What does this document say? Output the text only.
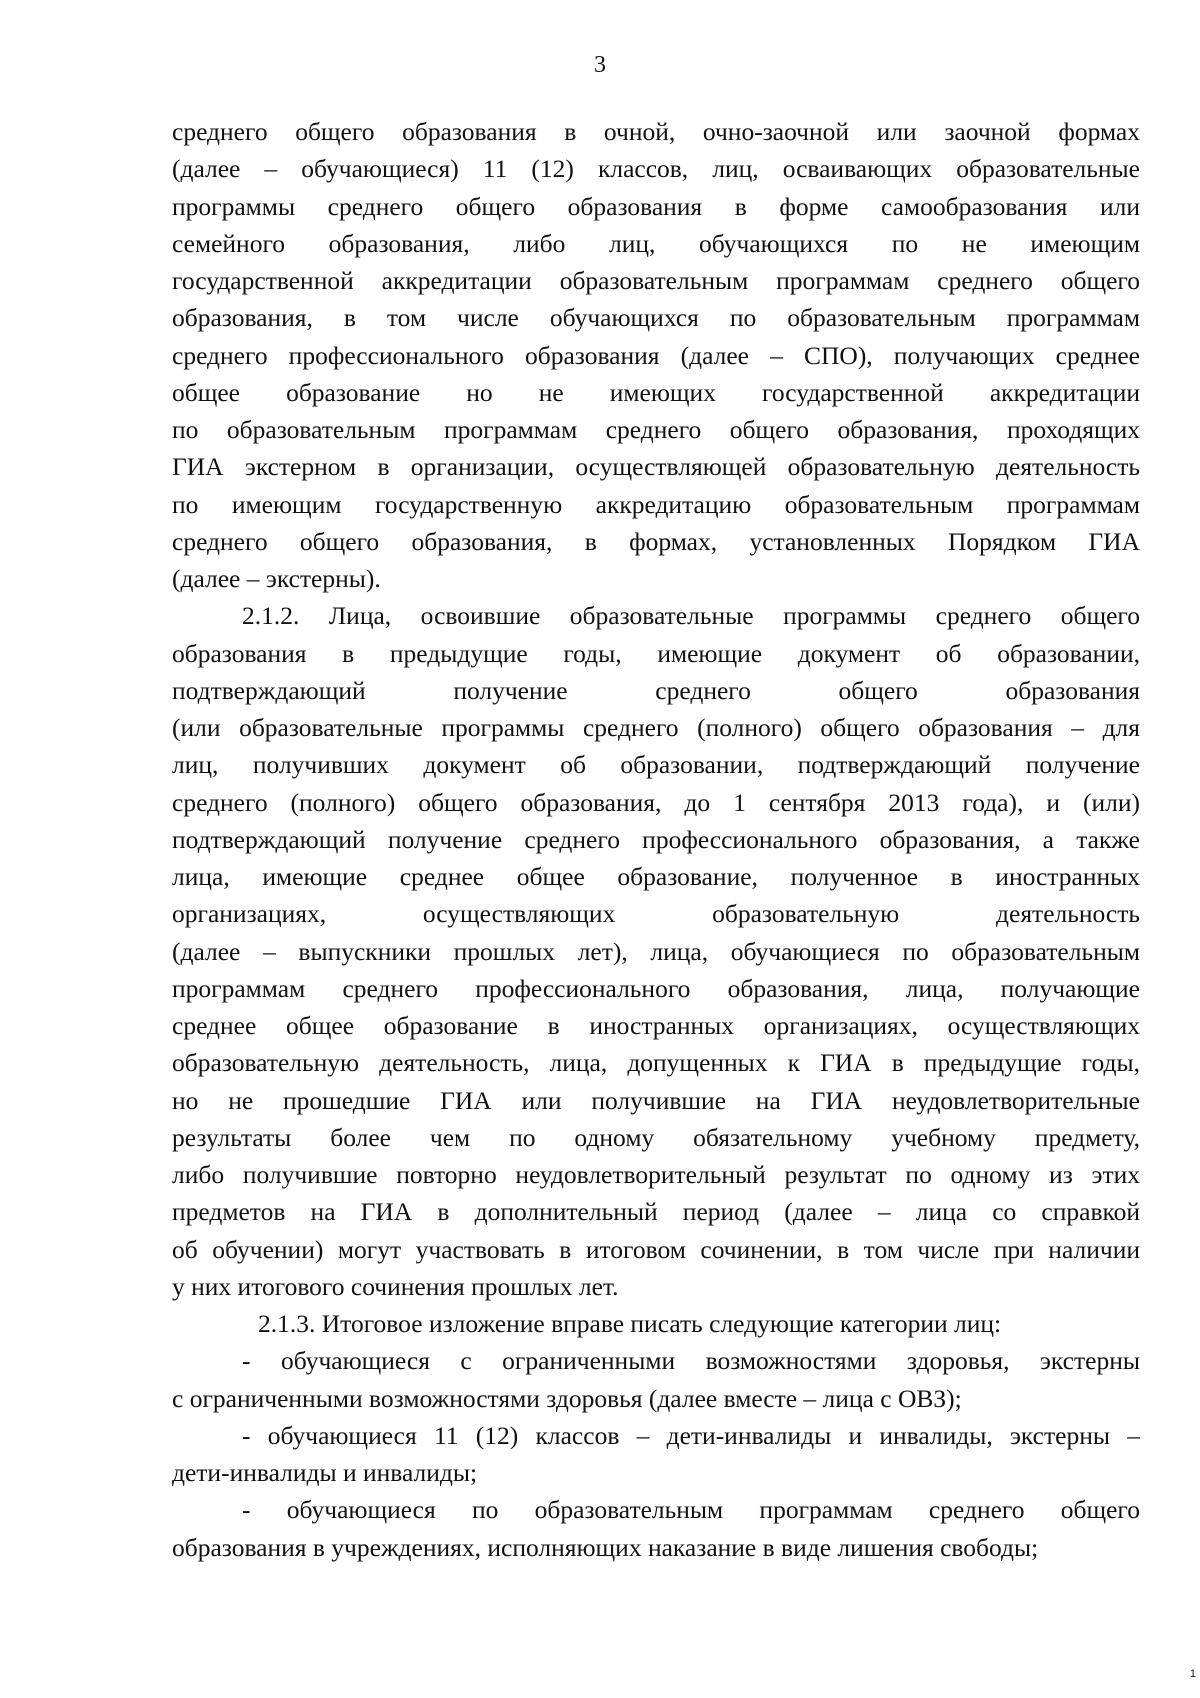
3
среднего общего образования в очной, очно-заочной или заочной формах
(далее – обучающиеся) 11 (12) классов, лиц, осваивающих образовательные
программы среднего общего образования в форме самообразования или
семейного образования, либо лиц, обучающихся по не имеющим
государственной аккредитации образовательным программам среднего общего
образования, в том числе обучающихся по образовательным программам
среднего профессионального образования (далее – СПО), получающих среднее
общее образование но не имеющих государственной аккредитации
по образовательным программам среднего общего образования, проходящих
ГИА экстерном в организации, осуществляющей образовательную деятельность
по имеющим государственную аккредитацию образовательным программам
среднего общего образования, в формах, установленных Порядком ГИА
(далее – экстерны).
2.1.2. Лица, освоившие образовательные программы среднего общего
образования в предыдущие годы, имеющие документ об образовании,
подтверждающий получение среднего общего образования
(или образовательные программы среднего (полного) общего образования – для
лиц, получивших документ об образовании, подтверждающий получение
среднего (полного) общего образования, до 1 сентября 2013 года), и (или)
подтверждающий получение среднего профессионального образования, а также
лица, имеющие среднее общее образование, полученное в иностранных
организациях, осуществляющих образовательную деятельность
(далее – выпускники прошлых лет), лица, обучающиеся по образовательным
программам среднего профессионального образования, лица, получающие
среднее общее образование в иностранных организациях, осуществляющих
образовательную деятельность, лица, допущенных к ГИА в предыдущие годы,
но не прошедшие ГИА или получившие на ГИА неудовлетворительные
результаты более чем по одному обязательному учебному предмету,
либо получившие повторно неудовлетворительный результат по одному из этих
предметов на ГИА в дополнительный период (далее – лица со справкой
об обучении) могут участвовать в итоговом сочинении, в том числе при наличии
у них итогового сочинения прошлых лет.
2.1.3. Итоговое изложение вправе писать следующие категории лиц:
- обучающиеся с ограниченными возможностями здоровья, экстерны
с ограниченными возможностями здоровья (далее вместе – лица с ОВЗ);
- обучающиеся 11 (12) классов – дети-инвалиды и инвалиды, экстерны –
дети-инвалиды и инвалиды;
- обучающиеся по образовательным программам среднего общего
образования в учреждениях, исполняющих наказание в виде лишения свободы;
1
